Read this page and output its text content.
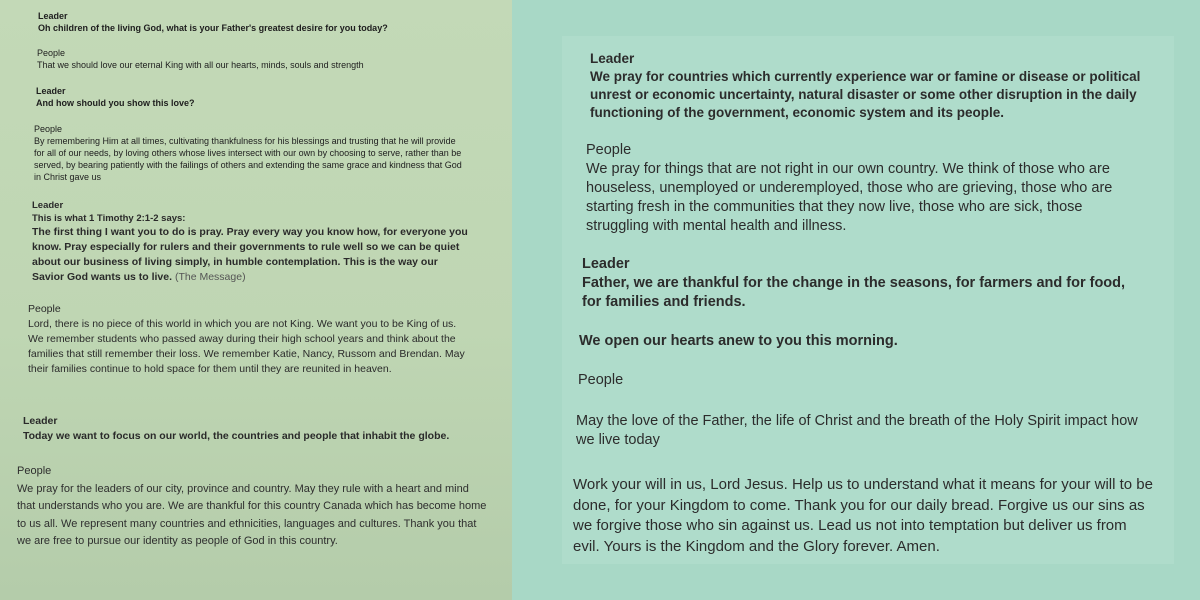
Leader
Oh children of the living God, what is your Father's greatest desire for you today?
People
That we should love our eternal King with all our hearts, minds, souls and strength
Leader
And how should you show this love?
People
By remembering Him at all times, cultivating thankfulness for his blessings and trusting that he will provide for all of our needs, by loving others whose lives intersect with our own by choosing to serve, rather than be served, by bearing patiently with the failings of others and extending the same grace and kindness that God in Christ gave us
Leader
This is what 1 Timothy 2:1-2 says:
The first thing I want you to do is pray. Pray every way you know how, for everyone you know. Pray especially for rulers and their governments to rule well so we can be quiet about our business of living simply, in humble contemplation. This is the way our Savior God wants us to live. (The Message)
People
Lord, there is no piece of this world in which you are not King. We want you to be King of us. We remember students who passed away during their high school years and think about the families that still remember their loss. We remember Katie, Nancy, Russom and Brendan. May their families continue to hold space for them until they are reunited in heaven.
Leader
Today we want to focus on our world, the countries and people that inhabit the globe.
People
We pray for the leaders of our city, province and country. May they rule with a heart and mind that understands who you are. We are thankful for this country Canada which has become home to us all. We represent many countries and ethnicities, languages and cultures. Thank you that we are free to pursue our identity as people of God in this country.
Leader
We pray for countries which currently experience war or famine or disease or political unrest or economic uncertainty, natural disaster or some other disruption in the daily functioning of the government, economic system and its people.
People
We pray for things that are not right in our own country. We think of those who are houseless, unemployed or underemployed, those who are grieving, those who are starting fresh in the communities that they now live, those who are sick, those struggling with mental health and illness.
Leader
Father, we are thankful for the change in the seasons, for farmers and for food, for families and friends.
We open our hearts anew to you this morning.
People
May the love of the Father, the life of Christ and the breath of the Holy Spirit impact how we live today
Work your will in us, Lord Jesus. Help us to understand what it means for your will to be done, for your Kingdom to come. Thank you for our daily bread. Forgive us our sins as we forgive those who sin against us. Lead us not into temptation but deliver us from evil. Yours is the Kingdom and the Glory forever. Amen.
